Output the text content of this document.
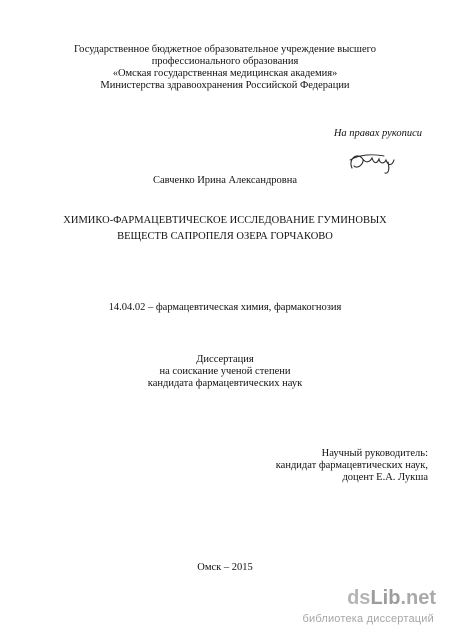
Государственное бюджетное образовательное учреждение высшего
профессионального образования
«Омская государственная медицинская академия»
Министерства здравоохранения Российской Федерации
На правах рукописи
Савченко Ирина Александровна
ХИМИКО-ФАРМАЦЕВТИЧЕСКОЕ ИССЛЕДОВАНИЕ ГУМИНОВЫХ
ВЕЩЕСТВ САПРОПЕЛЯ ОЗЕРА ГОРЧАКОВО
14.04.02 – фармацевтическая химия, фармакогнозия
Диссертация
на соискание ученой степени
кандидата фармацевтических наук
Научный руководитель:
кандидат фармацевтических наук,
доцент Е.А. Лукша
Омск – 2015
ds Lib .net
библиотека диссертаций
